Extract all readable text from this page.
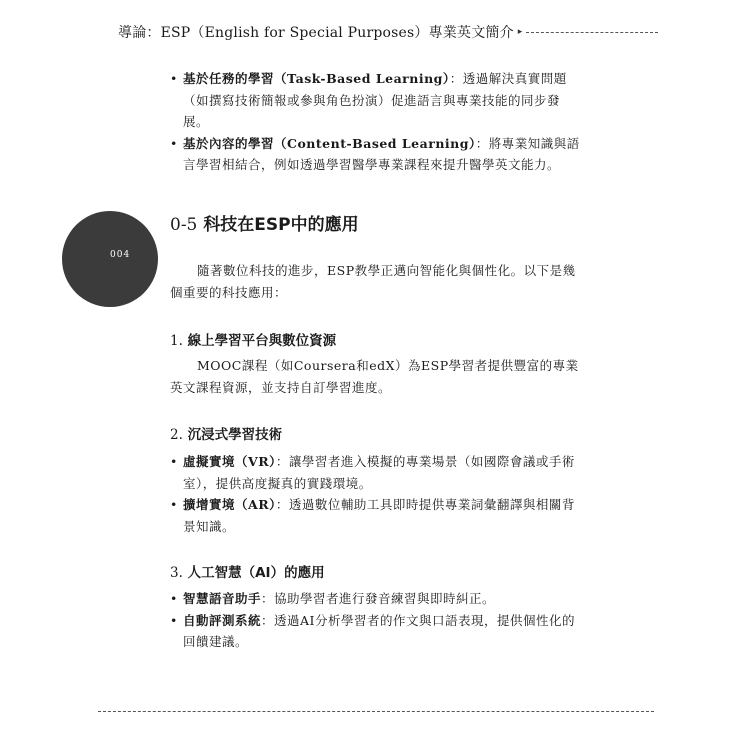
導論：ESP（English for Special Purposes）專業英文簡介 ▸
004
• 基於任務的學習（Task-Based Learning）：透過解決真實問題（如撰寫技術簡報或參與角色扮演）促進語言與專業技能的同步發展。
• 基於內容的學習（Content-Based Learning）：將專業知識與語言學習相結合，例如透過學習醫學專業課程來提升醫學英文能力。
0-5 科技在ESP中的應用
隨著數位科技的進步，ESP教學正邁向智能化與個性化。以下是幾個重要的科技應用：
1. 線上學習平台與數位資源
MOOC課程（如Coursera和edX）為ESP學習者提供豐富的專業英文課程資源，並支持自訂學習進度。
2. 沉浸式學習技術
• 虛擬實境（VR）：讓學習者進入模擬的專業場景（如國際會議或手術室），提供高度擬真的實踐環境。
• 擴增實境（AR）：透過數位輔助工具即時提供專業詞彙翻譯與相關背景知識。
3. 人工智慧（AI）的應用
• 智慧語音助手：協助學習者進行發音練習與即時糾正。
• 自動評測系統：透過AI分析學習者的作文與口語表現，提供個性化的回饋建議。
